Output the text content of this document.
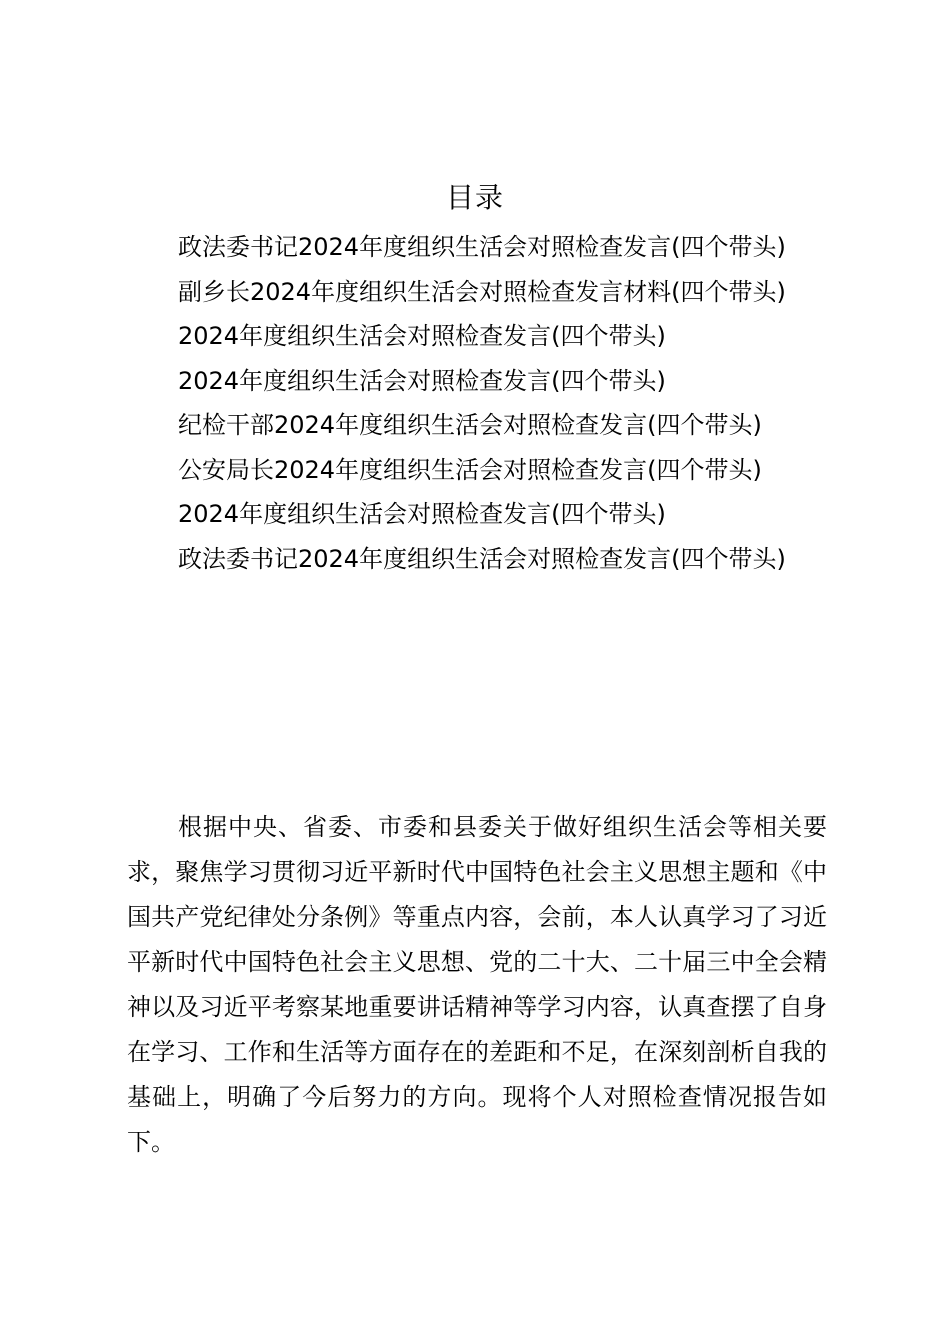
目录
政法委书记2024年度组织生活会对照检查发言(四个带头)
副乡长2024年度组织生活会对照检查发言材料(四个带头)
2024年度组织生活会对照检查发言(四个带头)
2024年度组织生活会对照检查发言(四个带头)
纪检干部2024年度组织生活会对照检查发言(四个带头)
公安局长2024年度组织生活会对照检查发言(四个带头)
2024年度组织生活会对照检查发言(四个带头)
政法委书记2024年度组织生活会对照检查发言(四个带头)

根据中央、省委、市委和县委关于做好组织生活会等相关要求，聚焦学习贯彻习近平新时代中国特色社会主义思想主题和《中国共产党纪律处分条例》等重点内容，会前，本人认真学习了习近平新时代中国特色社会主义思想、党的二十大、二十届三中全会精神以及习近平考察某地重要讲话精神等学习内容，认真查摆了自身在学习、工作和生活等方面存在的差距和不足，在深刻剖析自我的基础上，明确了今后努力的方向。现将个人对照检查情况报告如下。
